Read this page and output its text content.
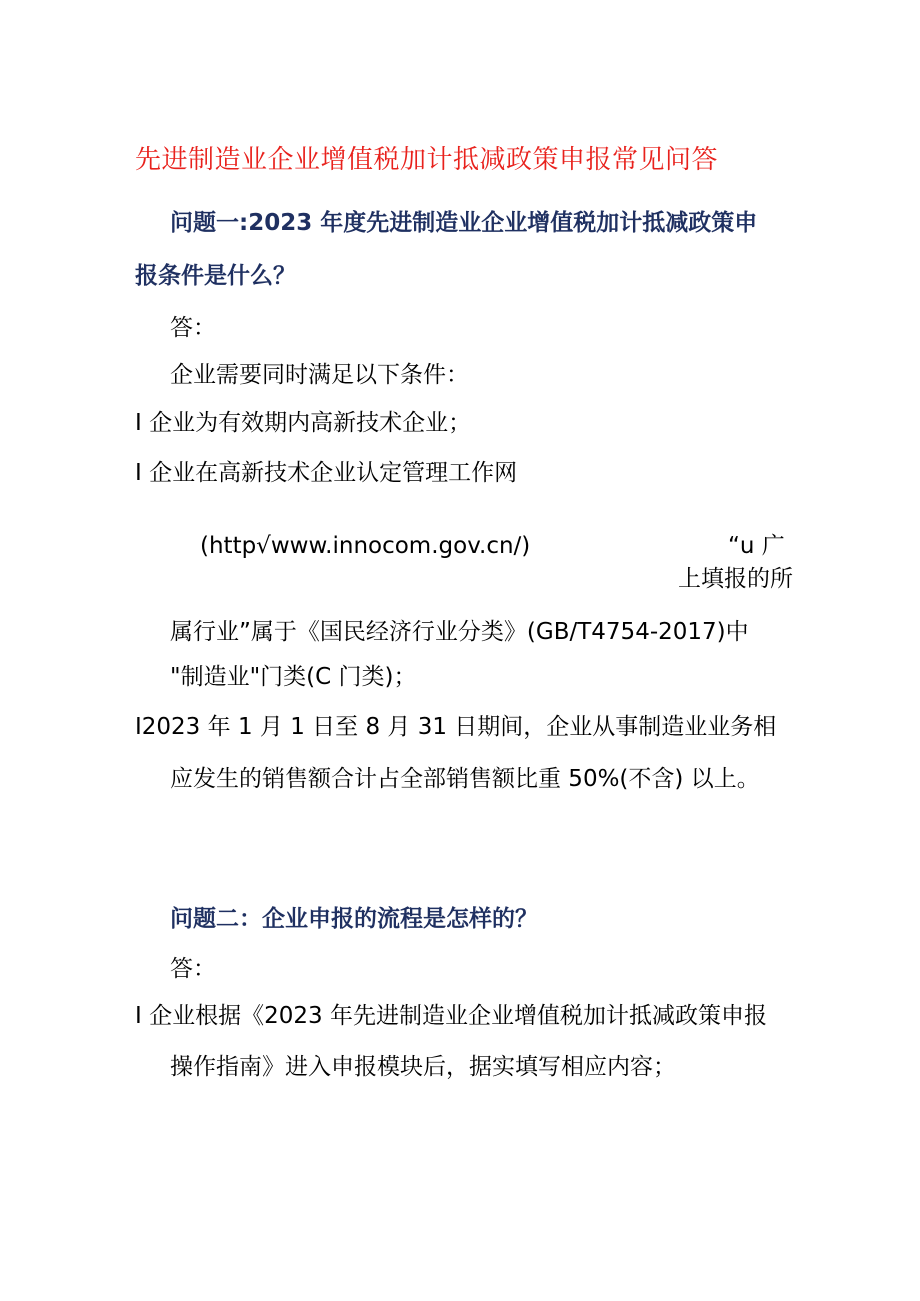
先进制造业企业增值税加计抵减政策申报常见问答
问题一:2023 年度先进制造业企业增值税加计抵减政策申
报条件是什么？
答：
企业需要同时满足以下条件：
I 企业为有效期内高新技术企业；
I 企业在高新技术企业认定管理工作网
(http√www.innocom.gov.cn∕)	“u 广
上填报的所
属行业”属于《国民经济行业分类》(GB/T4754-2017)中
"制造业"门类(C 门类)；
I2023 年 1 月 1 日至 8 月 31 日期间，企业从事制造业业务相
应发生的销售额合计占全部销售额比重 50%(不含) 以上。
问题二：企业申报的流程是怎样的？
答：
I 企业根据《2023 年先进制造业企业增值税加计抵减政策申报
操作指南》进入申报模块后，据实填写相应内容；
